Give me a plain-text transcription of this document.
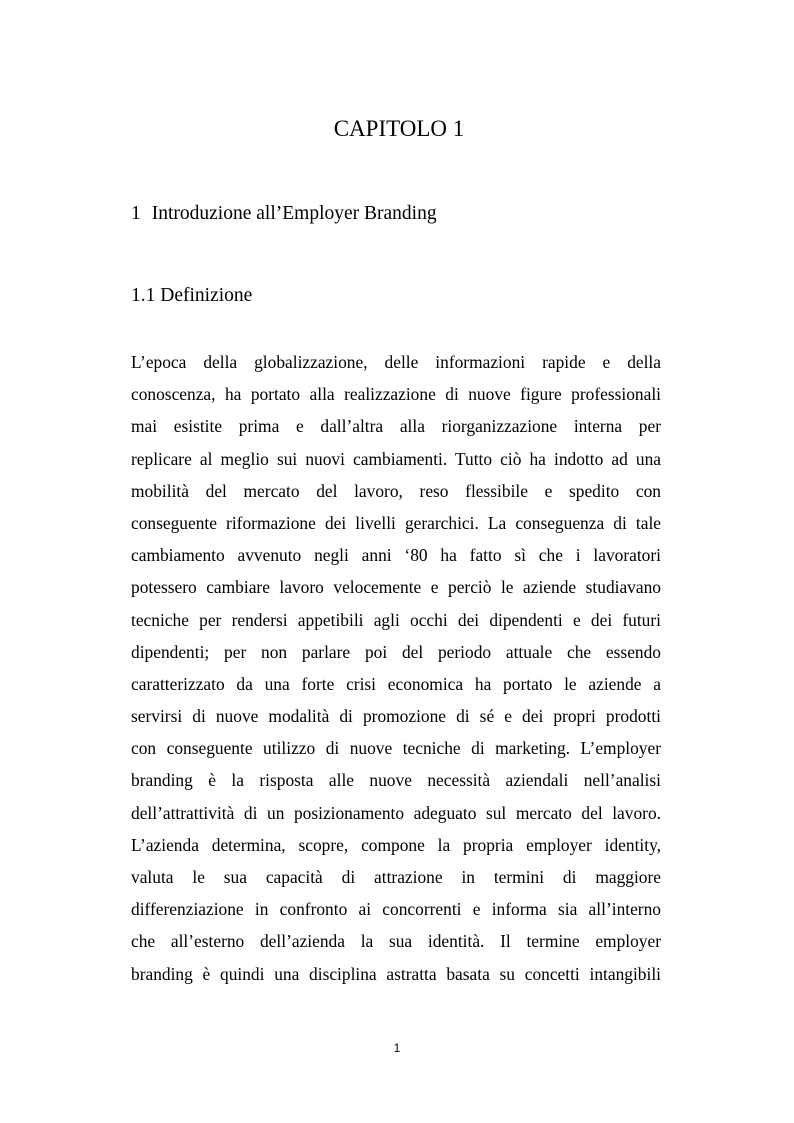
CAPITOLO 1
1 Introduzione all’Employer Branding
1.1 Definizione
L’epoca della globalizzazione, delle informazioni rapide e della
conoscenza, ha portato alla realizzazione di nuove figure professionali
mai esistite prima e dall’altra alla riorganizzazione interna per
replicare al meglio sui nuovi cambiamenti. Tutto ciò ha indotto ad una
mobilità del mercato del lavoro, reso flessibile e spedito con
conseguente riformazione dei livelli gerarchici. La conseguenza di tale
cambiamento avvenuto negli anni ‘80 ha fatto sì che i lavoratori
potessero cambiare lavoro velocemente e perciò le aziende studiavano
tecniche per rendersi appetibili agli occhi dei dipendenti e dei futuri
dipendenti; per non parlare poi del periodo attuale che essendo
caratterizzato da una forte crisi economica ha portato le aziende a
servirsi di nuove modalità di promozione di sé e dei propri prodotti
con conseguente utilizzo di nuove tecniche di marketing. L’employer
branding è la risposta alle nuove necessità aziendali nell’analisi
dell’attrattività di un posizionamento adeguato sul mercato del lavoro.
L’azienda determina, scopre, compone la propria employer identity,
valuta le sua capacità di attrazione in termini di maggiore
differenziazione in confronto ai concorrenti e informa sia all’interno
che all’esterno dell’azienda la sua identità. Il termine employer
branding è quindi una disciplina astratta basata su concetti intangibili
1
